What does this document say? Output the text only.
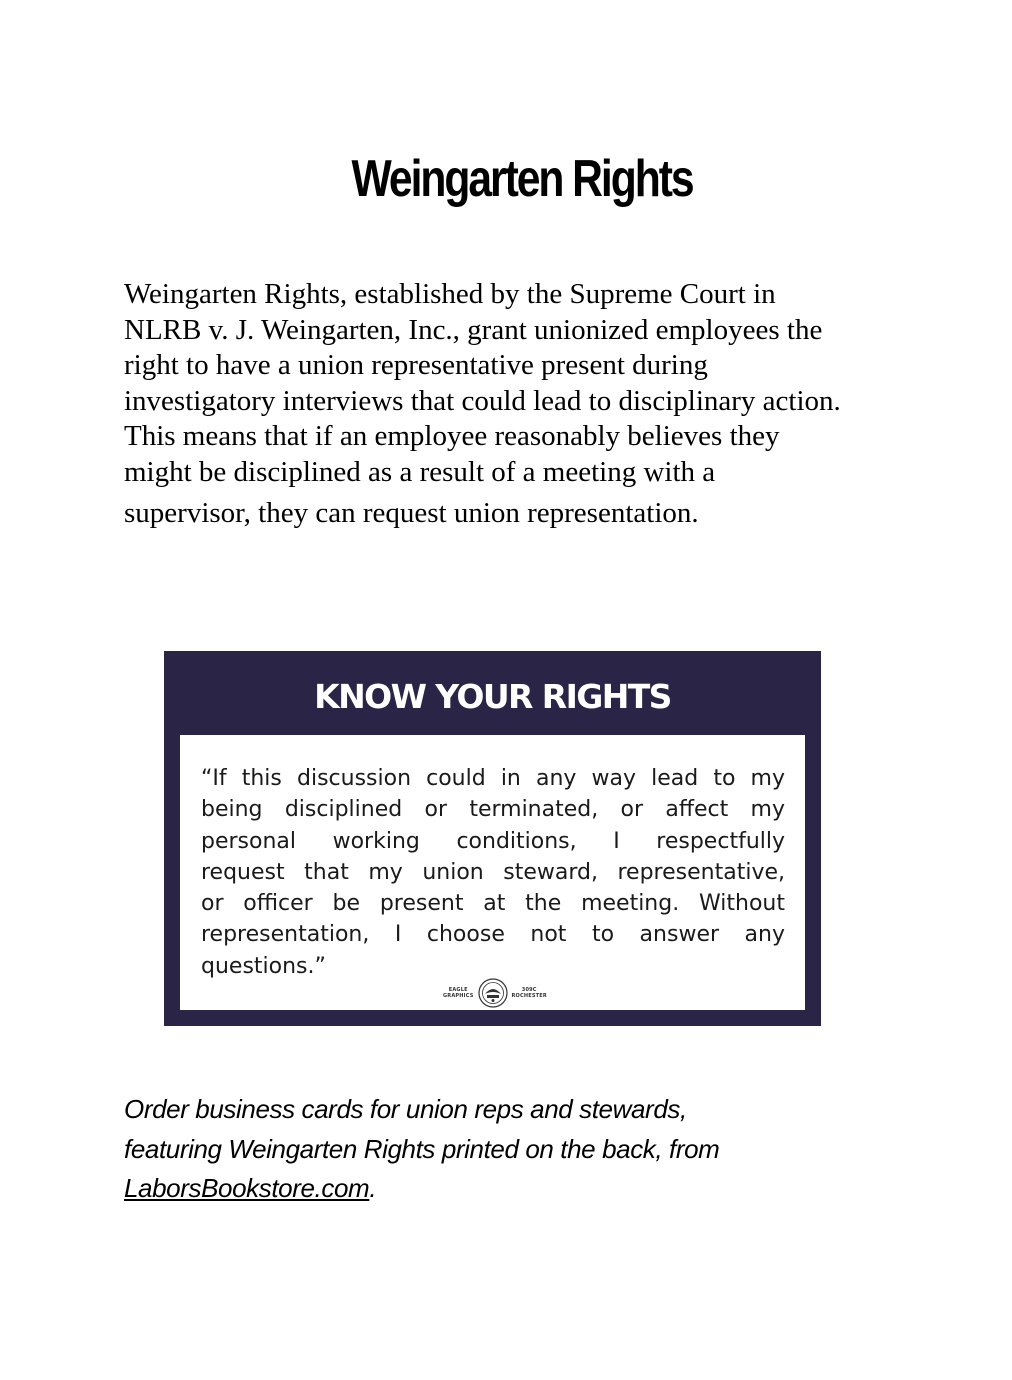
Weingarten Rights
Weingarten Rights, established by the Supreme Court in
NLRB v. J. Weingarten, Inc., grant unionized employees the
right to have a union representative present during
investigatory interviews that could lead to disciplinary action.
This means that if an employee reasonably believes they
might be disciplined as a result of a meeting with a
supervisor, they can request union representation.
KNOW YOUR RIGHTS
“If this discussion could in any way lead to my
being disciplined or terminated, or affect my
personal working conditions, I respectfully
request that my union steward, representative,
or officer be present at the meeting. Without
representation, I choose not to answer any
questions.”
EAGLE
GRAPHICS
309C
ROCHESTER
Order business cards for union reps and stewards,
featuring Weingarten Rights printed on the back, from
LaborsBookstore.com.
